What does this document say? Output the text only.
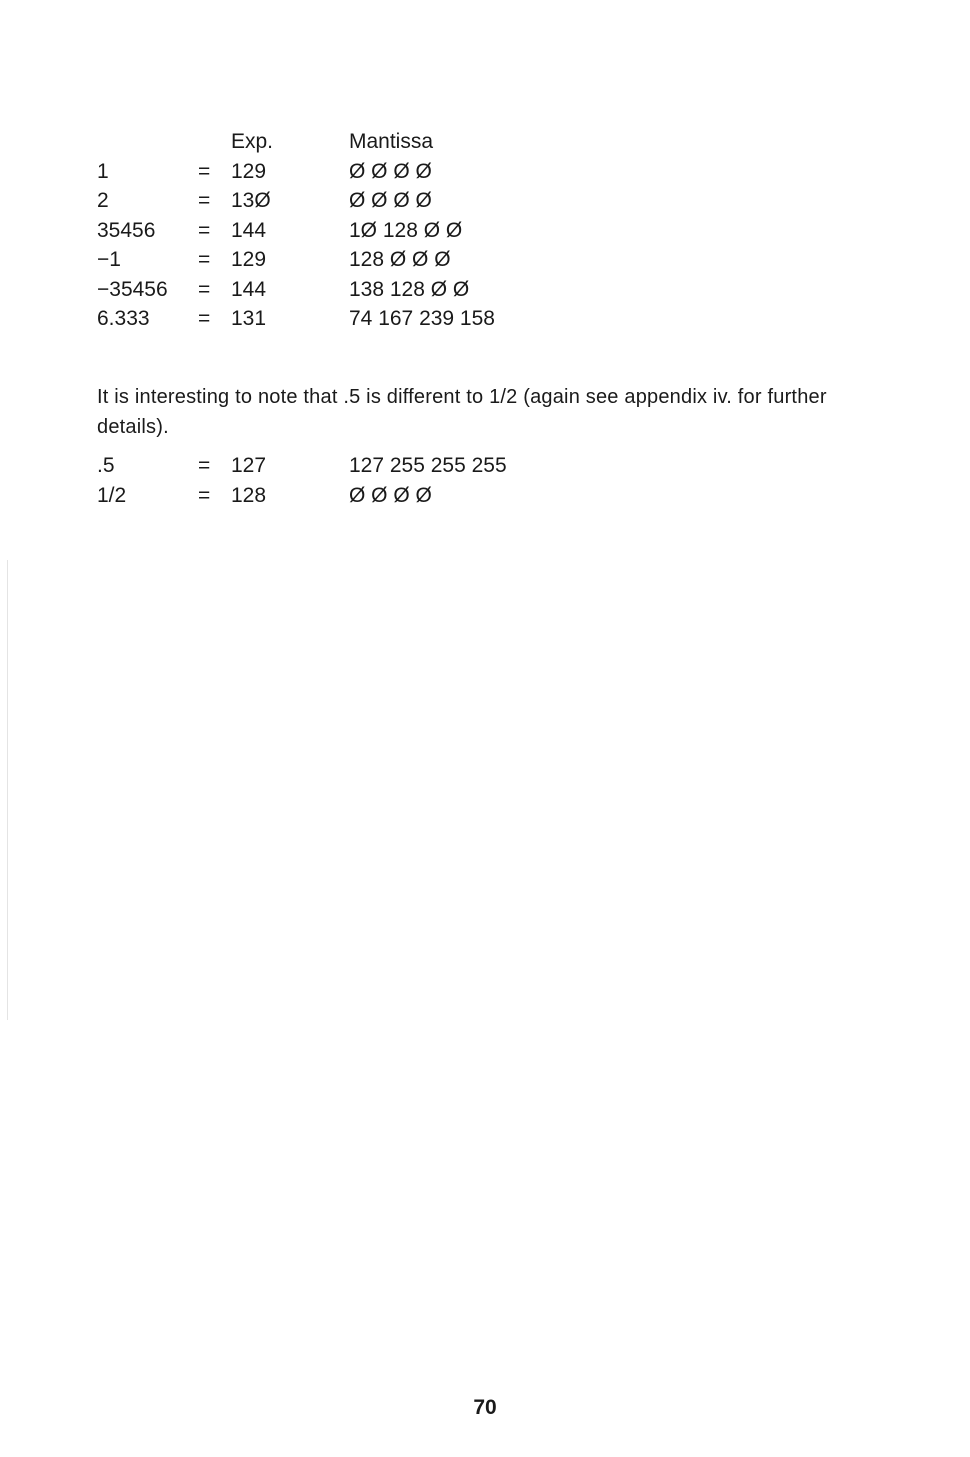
Exp.	Mantissa
1	= 129	Ø Ø Ø Ø
2	= 13Ø	Ø Ø Ø Ø
35456 = 144	1Ø 128 Ø Ø
−1	= 129	128 Ø Ø Ø
−35456 = 144	138 128 Ø Ø
6.333 = 131	74 167 239 158

It is interesting to note that .5 is different to 1/2 (again see appendix iv. for further details).

.5	= 127	127 255 255 255
1/2	= 128	Ø Ø Ø Ø
70
